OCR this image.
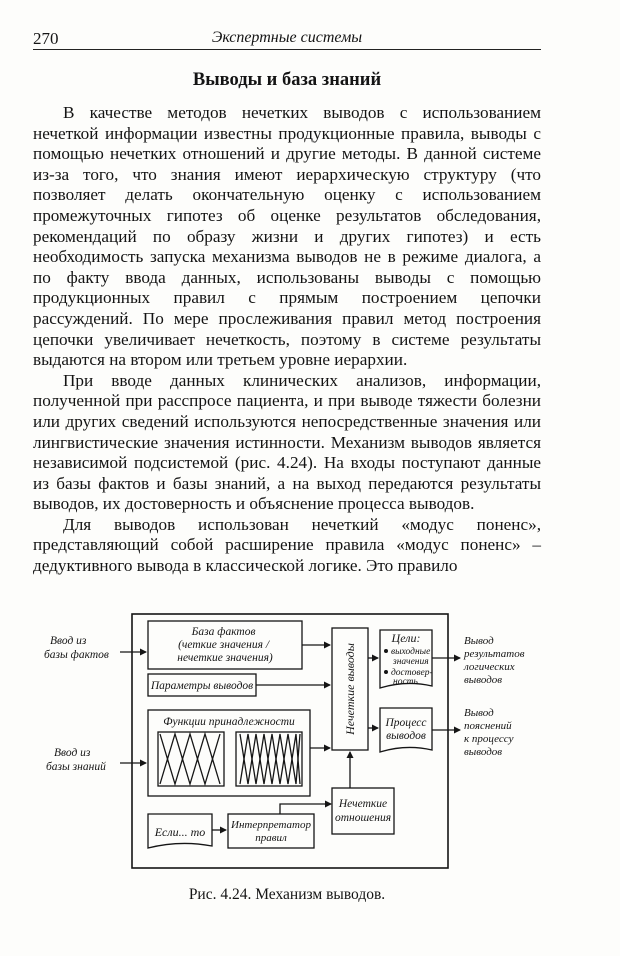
270	Экспертные системы
Выводы и база знаний

В качестве методов нечетких выводов с использованием нечеткой информации известны продукционные правила, выводы с помощью нечетких отношений и другие методы. В данной системе из-за того, что знания имеют иерархическую структуру (что позволяет делать окончательную оценку с использованием промежуточных гипотез об оценке результатов обследования, рекомендаций по образу жизни и других гипотез) и есть необходимость запуска механизма выводов не в режиме диалога, а по факту ввода данных, использованы выводы с помощью продукционных правил с прямым построением цепочки рассуждений. По мере прослеживания правил метод построения цепочки увеличивает нечеткость, поэтому в системе результаты выдаются на втором или третьем уровне иерархии.

При вводе данных клинических анализов, информации, полученной при расспросе пациента, и при выводе тяжести болезни или других сведений используются непосредственные значения или лингвистические значения истинности. Механизм выводов является независимой подсистемой (рис. 4.24). На входы поступают данные из базы фактов и базы знаний, а на выход передаются результаты выводов, их достоверность и объяснение процесса выводов.

Для выводов использован нечеткий «модус поненс», представляющий собой расширение правила «модус поненс» – дедуктивного вывода в классической логике. Это правило

Ввод из базы фактов
Ввод из базы знаний
База фактов (четкие значения / нечеткие значения)
Параметры выводов
Функции принадлежности	Нечеткие выводы
Цели:
выходные значения
достовер-ность
Процесс выводов
Нечеткие отношения
Если... то Интерпретатор правил
Вывод результатов логических выводов
Вывод пояснений к процессу выводов

Рис. 4.24. Механизм выводов.
